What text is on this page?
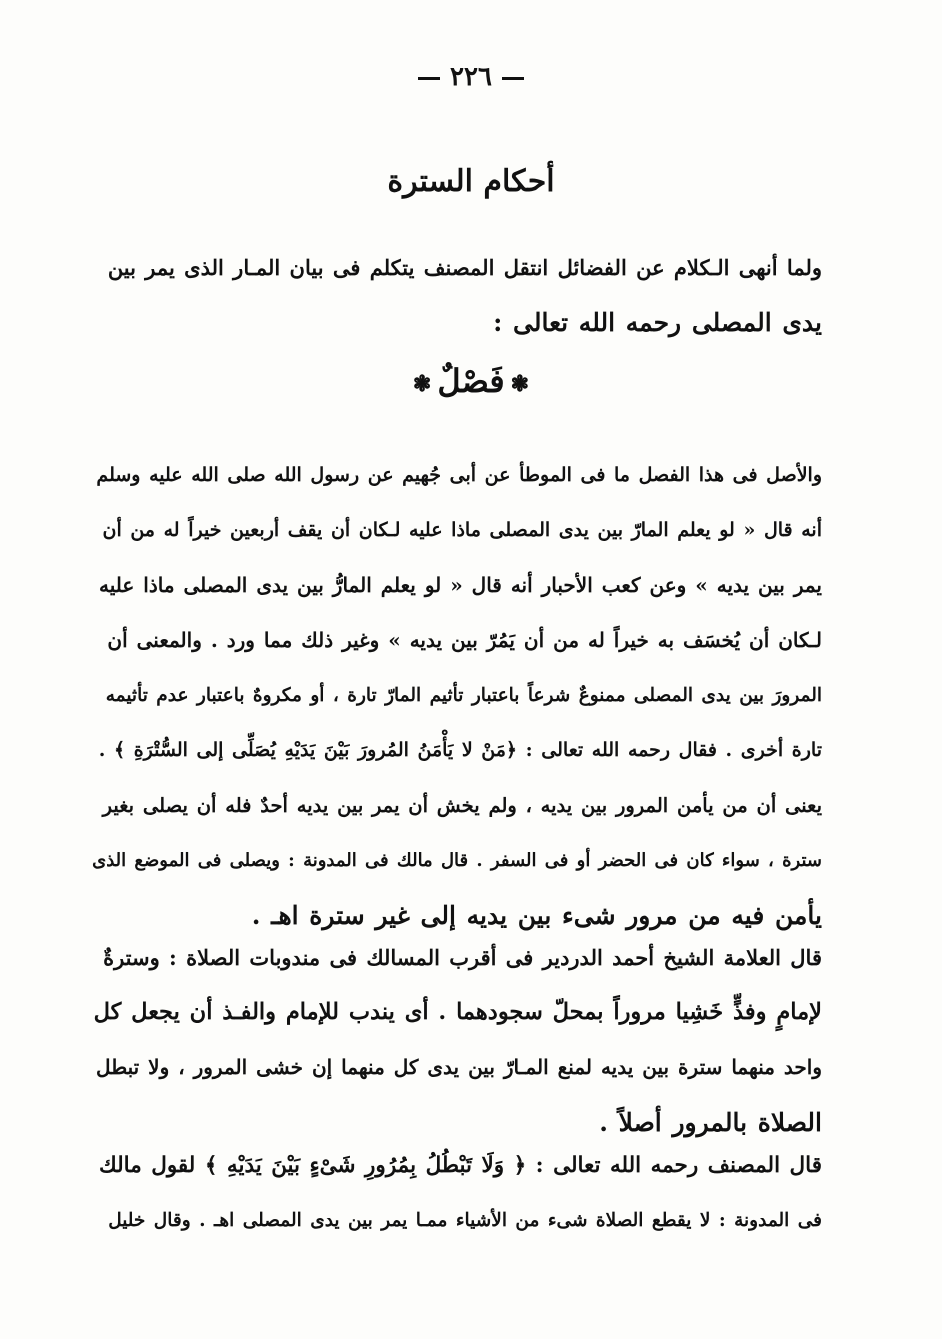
٢٢٦
أحكام السترة
ولما أنهى الـكلام عن الفضائل انتقل المصنف يتكلم فى بيان المـار الذى يمر بين
يدى المصلى رحمه الله تعالى :
❃ فَصْلٌ ❃
والأصل فى هذا الفصل ما فى الموطأ عن أبى جُهيم عن رسول الله صلى الله عليه وسلم
أنه قال « لو يعلم المارّ بين يدى المصلى ماذا عليه لـكان أن يقف أربعين خيراً له من أن
يمر بين يديه » وعن كعب الأحبار أنه قال « لو يعلم المارُّ بين يدى المصلى ماذا عليه
لـكان أن يُخسَف به خيراً له من أن يَمُرّ بين يديه » وغير ذلك مما ورد . والمعنى أن
المرورَ بين يدى المصلى ممنوعٌ شرعاً باعتبار تأثيم المارّ تارة ، أو مكروهٌ باعتبار عدم تأثيمه
تارة أخرى . فقال رحمه الله تعالى : ﴿مَنْ لا يَأْمَنُ المُرورَ بَيْنَ يَدَيْهِ يُصَلِّى إلى السُّتْرَةِ ﴾ .
يعنى أن من يأمن المرور بين يديه ، ولم يخش أن يمر بين يديه أحدٌ فله أن يصلى بغير
سترة ، سواء كان فى الحضر أو فى السفر . قال مالك فى المدونة : ويصلى فى الموضع الذى
يأمن فيه من مرور شىء بين يديه إلى غير سترة اهـ .
قال العلامة الشيخ أحمد الدردير فى أقرب المسالك فى مندوبات الصلاة : وسترةٌ
لإمامٍ وفذٍّ خَشِيا مروراً بمحلّ سجودهما . أى يندب للإمام والفـذ أن يجعل كل
واحد منهما سترة بين يديه لمنع المـارّ بين يدى كل منهما إن خشى المرور ، ولا تبطل
الصلاة بالمرور أصلاً .
قال المصنف رحمه الله تعالى : ﴿ وَلَا تَبْطُلُ بِمُرُورِ شَىْءٍ بَيْنَ يَدَيْهِ ﴾ لقول مالك
فى المدونة : لا يقطع الصلاة شىء من الأشياء ممـا يمر بين يدى المصلى اهـ . وقال خليل
